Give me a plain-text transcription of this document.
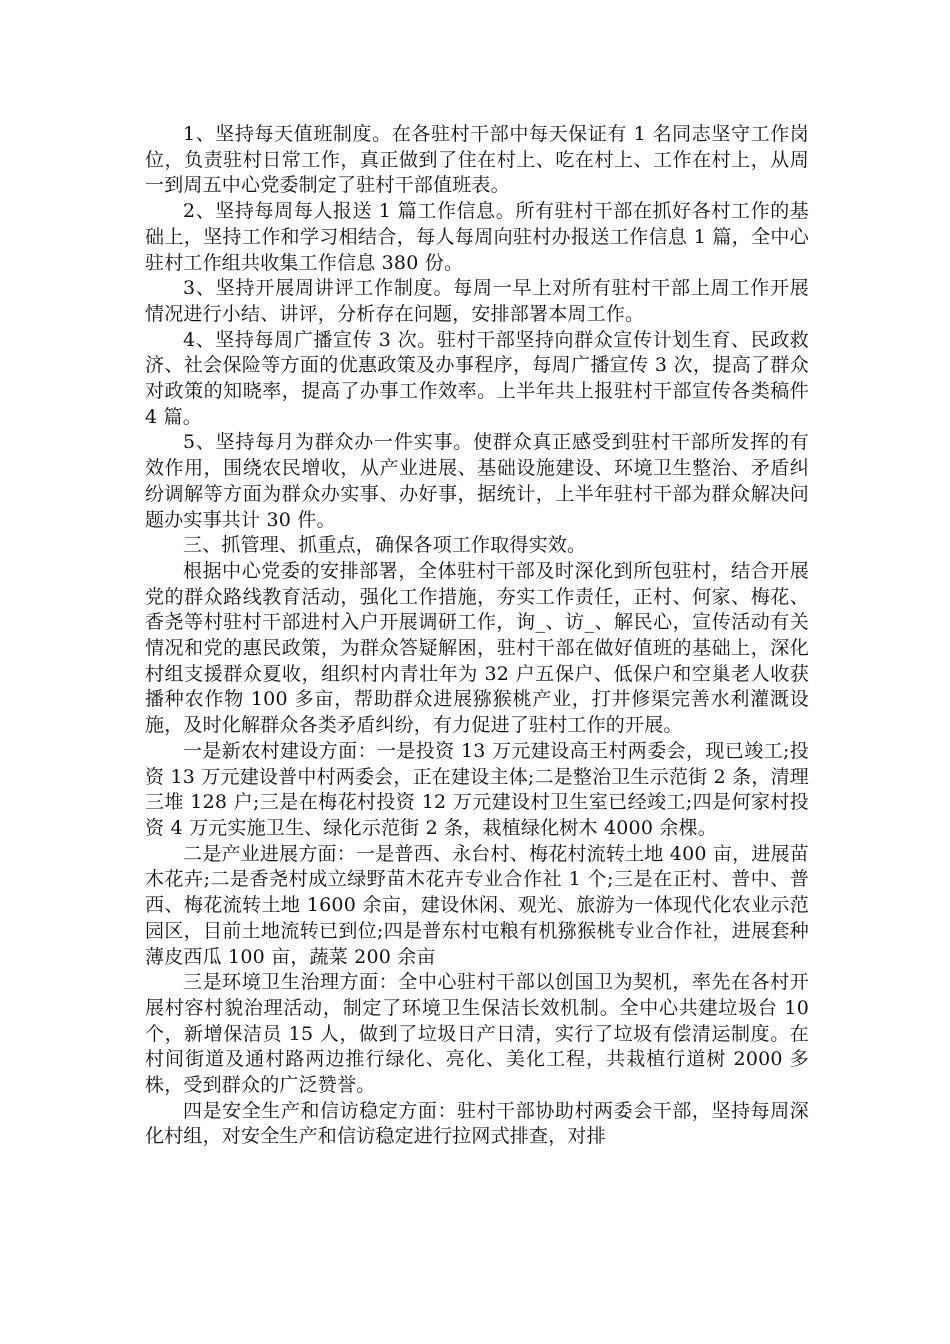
1、坚持每天值班制度。在各驻村干部中每天保证有 1 名同志坚守工作岗位，负责驻村日常工作，真正做到了住在村上、吃在村上、工作在村上，从周一到周五中心党委制定了驻村干部值班表。

2、坚持每周每人报送 1 篇工作信息。所有驻村干部在抓好各村工作的基础上，坚持工作和学习相结合，每人每周向驻村办报送工作信息 1 篇，全中心驻村工作组共收集工作信息 380 份。

3、坚持开展周讲评工作制度。每周一早上对所有驻村干部上周工作开展情况进行小结、讲评，分析存在问题，安排部署本周工作。

4、坚持每周广播宣传 3 次。驻村干部坚持向群众宣传计划生育、民政救济、社会保险等方面的优惠政策及办事程序，每周广播宣传 3 次，提高了群众对政策的知晓率，提高了办事工作效率。上半年共上报驻村干部宣传各类稿件 4 篇。

5、坚持每月为群众办一件实事。使群众真正感受到驻村干部所发挥的有效作用，围绕农民增收，从产业进展、基础设施建设、环境卫生整治、矛盾纠纷调解等方面为群众办实事、办好事，据统计，上半年驻村干部为群众解决问题办实事共计 30 件。

三、抓管理、抓重点，确保各项工作取得实效。

根据中心党委的安排部署，全体驻村干部及时深化到所包驻村，结合开展党的群众路线教育活动，强化工作措施，夯实工作责任，正村、何家、梅花、香尧等村驻村干部进村入户开展调研工作，询_、访_、解民心，宣传活动有关情况和党的惠民政策，为群众答疑解困，驻村干部在做好值班的基础上，深化村组支援群众夏收，组织村内青壮年为 32 户五保户、低保户和空巢老人收获播种农作物 100 多亩，帮助群众进展猕猴桃产业，打井修渠完善水利灌溉设施，及时化解群众各类矛盾纠纷，有力促进了驻村工作的开展。

一是新农村建设方面：一是投资 13 万元建设高王村两委会，现已竣工;投资 13 万元建设普中村两委会，正在建设主体;二是整治卫生示范街 2 条，清理三堆 128 户;三是在梅花村投资 12 万元建设村卫生室已经竣工;四是何家村投资 4 万元实施卫生、绿化示范街 2 条，栽植绿化树木 4000 余棵。

二是产业进展方面：一是普西、永台村、梅花村流转土地 400 亩，进展苗木花卉;二是香尧村成立绿野苗木花卉专业合作社 1 个;三是在正村、普中、普西、梅花流转土地 1600 余亩，建设休闲、观光、旅游为一体现代化农业示范园区，目前土地流转已到位;四是普东村屯粮有机猕猴桃专业合作社，进展套种薄皮西瓜 100 亩，蔬菜 200 余亩

三是环境卫生治理方面：全中心驻村干部以创国卫为契机，率先在各村开展村容村貌治理活动，制定了环境卫生保洁长效机制。全中心共建垃圾台 10 个，新增保洁员 15 人，做到了垃圾日产日清，实行了垃圾有偿清运制度。在村间街道及通村路两边推行绿化、亮化、美化工程，共栽植行道树 2000 多株，受到群众的广泛赞誉。

四是安全生产和信访稳定方面：驻村干部协助村两委会干部，坚持每周深化村组，对安全生产和信访稳定进行拉网式排查，对排
